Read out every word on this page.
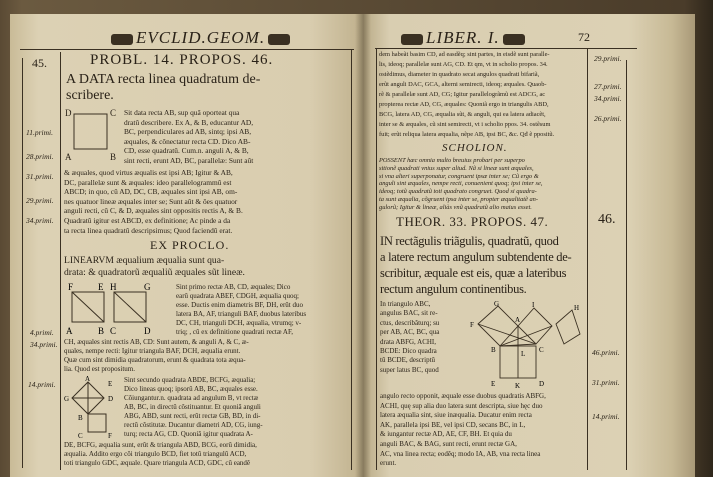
EVCLID.GEOM.
45.	PROBL. 14. PROPOS. 46.
A DATA recta linea quadratum de-
scribere.
D	C
A	B
Sit data recta AB, sup quã oporteat qua
dratũ describere. Ex A, & B, educantur AD,
BC, perpendiculares ad AB, sintq; ipsi AB,
æquales, & cõnectatur recta CD. Dico AB-
CD, esse quadratũ. Cum.n. anguli A, & B,
sint recti, erunt AD, BC, parallelæ: Sunt aũt
& æquales, quod virtus æqualis est ipsi AB; Igitur & AB,
DC, parallelæ sunt & æquales: ideo parallelogrammũ est
ABCD; in quo, cũ AD, DC, CB, æquales sint ipsi AB, om-
nes quatuor lineæ æquales inter se; Sunt aũt & ôes quatuor
anguli recti, cũ C, & D, æquales sint oppositis rectis A, & B.
Quadratũ igitur est ABCD, ex definitione; Ac pinde a da
ta recta linea quadratũ descripsimus; Quod faciendũ erat.
EX PROCLO.
LINEARVM æqualium æqualia sunt qua-
drata: & quadratorũ æqualiũ æquales sũt lineæ.
F	E H	G
A	B C	D
Sint primo rectæ AB, CD, æquales; Dico
earũ quadrata ABEF, CDGH, æqualia quoq;
esse. Ductis enim diametris BF, DH, erũt duo
latera BA, AF, trianguli BAF, duobus lateribus
DC, CH, trianguli DCH, æqualia, vtrumq; v-
triq; , cũ ex definitione quadrati rectæ AF,
CH, æquales sint rectis AB, CD: Sunt autem, & anguli A, & C, æ-
quales, nempe recti: Igitur triangula BAF, DCH, æqualia erunt.
Quæ cum sint dimidia quadratorum, erunt & quadrata tota æqua-
lia. Quod est propositum.
A
E
G	D
F
B
C
Sint secundo quadrata ABDE, BCFG, æqualia;
Dico lineas quoq; ipsorũ AB, BC, æquales esse.
Cõiungantur.n. quadrata ad angulum B, vt rectæ
AB, BC, in directũ cõstituantur. Et quoniã anguli
ABG, ABD, sunt recti, erũt rectæ GB, BD, in di-
rectũ cõstitutæ. Ducantur diametri AD, CG, iung-
turq; recta AG, CD. Quoniã igitur quadrata A-
DE, BCFG, æqualia sunt, erũt & triangula ABD, BCG, eorũ dimidia,
æqualia. Addito ergo cõi triangulo BCD, fiet totũ triangulũ ACD,
toti triangulo GDC, æquale. Quare triangula ACD, GDC, cũ eandẽ
11.primi.
28.primi.
31.primi.
29.primi.
34.primi.
4.primi.
34.primi.
14.primi.
LIBER. I.	72
dem habeãt basim CD, ad easdẽq; sint partes, in eisdẽ sunt paralle-
lis, ideoq; parallelæ sunt AG, CD. Et qm, vt in scholio propos. 34.
ostẽdimus, diameter in quadrato secat angulos quadrati bifariã,
erũt anguli DAC, GCA, alterni semirecti, ideoq; æquales. Quaob-
rẽ & parallelæ sunt AD, CG; Igitur parallelogrãmũ est ADCG, ac
propterea rectæ AD, CG, æquales: Quoniã ergo in triangulis ABD,
BCG, latera AD, CG, æqualia sũt, & anguli, qui ea latera adiacẽt,
inter se & æquales, cũ sint semirecti, vt i scholio ppos. 34. ostẽsum
fuit; erũt reliqua latera æqualia, nẽpe AB, ipsi BC, &c. Qđ ẽ ppositũ.
SCHOLION.
POSSENT hæc omnia multo breuius probari per superpo
sitionẽ quadrati vnius super aliud. Nã si lineæ sunt æquales,
si vna alteri superponatur, congruent ipsæ inter se; Cũ ergo &
anguli sint æquales, nempe recti, conuenient quoq; ipsi inter se,
ideoq; totũ quadratũ toti quadrato congruet. Quod si quadra-
ta sunt æqualia, cõgruent ipsa inter se, propter æqualitatẽ an-
gulorũ; Igitur & lineæ, aliàs vnũ quadratũ alio maius esset.
THEOR. 33. PROPOS. 47.
IN rectãgulis triãgulis, quadratũ, quod
a latere rectum angulum subtendente de-
scribitur, æquale est eis, quæ a lateribus
rectum angulum continentibus.
In triangulo ABC,
angulus BAC, sit re-
ctus, describãturq; su
per AB, AC, BC, qua
drata ABFG, ACHI,
BCDE: Dico quadra
tũ BCDE, descriptũ
super latus BC, quod
G	I
F
A
H
B	C
D
E	K
L
angulo recto opponit, æquale esse duobus quadratis ABFG,
ACHI, quę sup alia duo latera sunt descripta, siue hęc duo
latera æqualia sint, siue inæqualia. Ducatur enim recta
AK, parallela ipsi BE, vel ipsi CD, secans BC, in L,
& iungantur rectæ AD, AE, CF, BH. Et quia du
anguli BAC, & BAG, sunt recti, erunt rectæ GA,
AC, vna linea recta; eodẽq; modo IA, AB, vna recta linea
erunt.
29.primi.
27.primi.
34.primi.
26.primi.
46.
46.primi.
31.primi.
14.primi.
